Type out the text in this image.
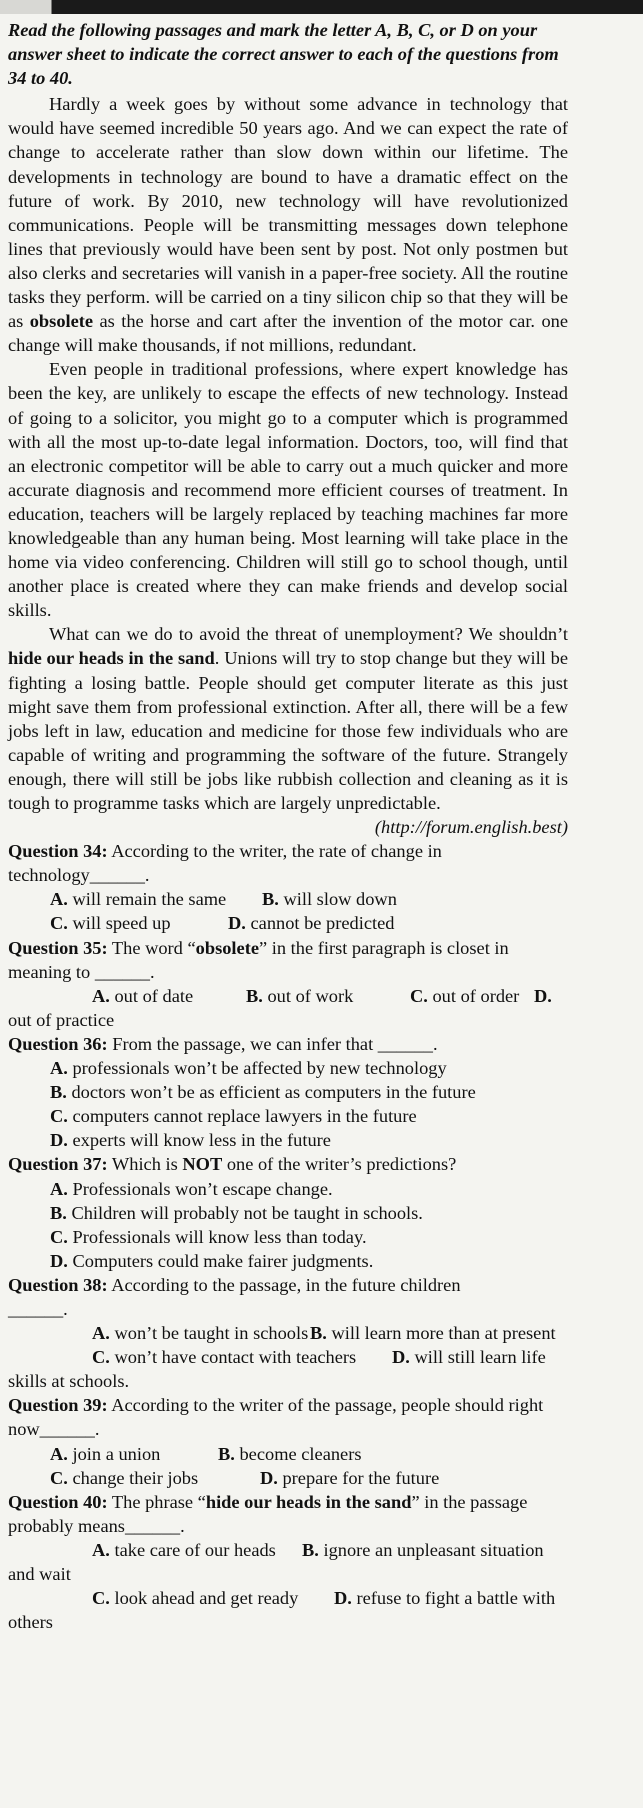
Read the following passages and mark the letter A, B, C, or D on your answer sheet to indicate the correct answer to each of the questions from 34 to 40.

Hardly a week goes by without some advance in technology that would have seemed incredible 50 years ago. And we can expect the rate of change to accelerate rather than slow down within our lifetime. The developments in technology are bound to have a dramatic effect on the future of work. By 2010, new technology will have revolutionized communications. People will be transmitting messages down telephone lines that previously would have been sent by post. Not only postmen but also clerks and secretaries will vanish in a paper-free society. All the routine tasks they perform. will be carried on a tiny silicon chip so that they will be as obsolete as the horse and cart after the invention of the motor car. one change will make thousands, if not millions, redundant.

Even people in traditional professions, where expert knowledge has been the key, are unlikely to escape the effects of new technology. Instead of going to a solicitor, you might go to a computer which is programmed with all the most up-to-date legal information. Doctors, too, will find that an electronic competitor will be able to carry out a much quicker and more accurate diagnosis and recommend more efficient courses of treatment. In education, teachers will be largely replaced by teaching machines far more knowledgeable than any human being. Most learning will take place in the home via video conferencing. Children will still go to school though, until another place is created where they can make friends and develop social skills.

What can we do to avoid the threat of unemployment? We shouldn’t hide our heads in the sand. Unions will try to stop change but they will be fighting a losing battle. People should get computer literate as this just might save them from professional extinction. After all, there will be a few jobs left in law, education and medicine for those few individuals who are capable of writing and programming the software of the future. Strangely enough, there will still be jobs like rubbish collection and cleaning as it is tough to programme tasks which are largely unpredictable.

(http://forum.english.best)

Question 34: According to the writer, the rate of change in technology______.

A. will remain the same B. will slow down

C. will speed up	D. cannot be predicted

Question 35: The word “obsolete” in the first paragraph is closet in meaning to ______.

A. out of date	B. out of work	C. out of order D. out of practice

Question 36: From the passage, we can infer that ______.

A. professionals won’t be affected by new technology

B. doctors won’t be as efficient as computers in the future

C. computers cannot replace lawyers in the future

D. experts will know less in the future

Question 37: Which is NOT one of the writer’s predictions?

A. Professionals won’t escape change.

B. Children will probably not be taught in schools.

C. Professionals will know less than today.

D. Computers could make fairer judgments.

Question 38: According to the passage, in the future children
______.

A. won’t be taught in schoolsB. will learn more than at present

C. won’t have contact with teachers D. will still learn life skills at schools.

Question 39: According to the writer of the passage, people should right now______.

A. join a union	B. become cleaners

C. change their jobs	D. prepare for the future

Question 40: The phrase “hide our heads in the sand” in the passage probably means______.

A. take care of our heads B. ignore an unpleasant situation and wait

C. look ahead and get ready D. refuse to fight a battle with others
